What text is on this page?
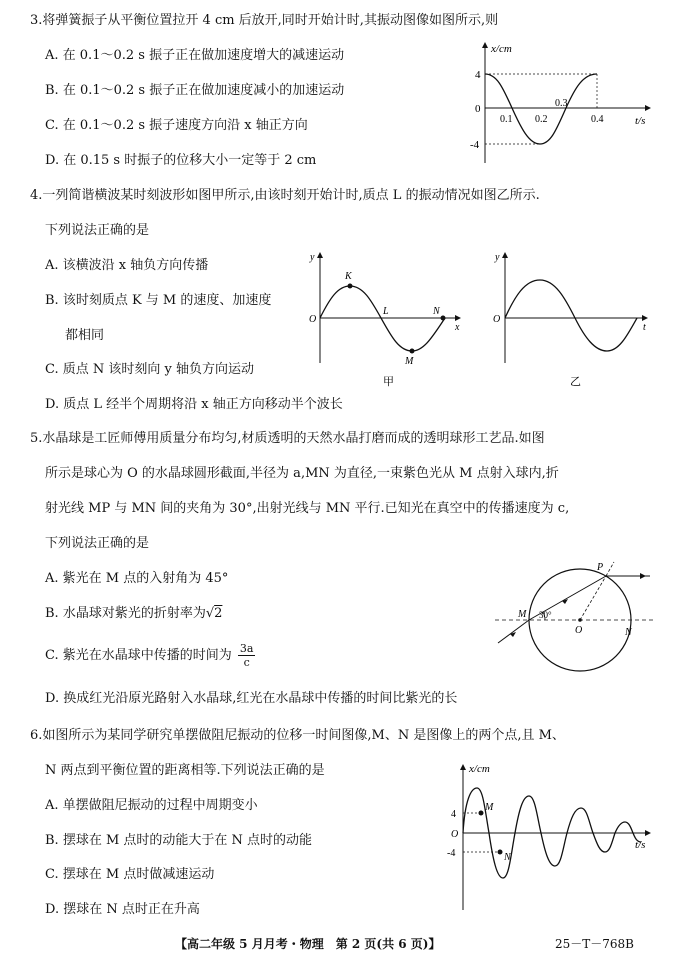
3.将弹簧振子从平衡位置拉开 4 cm 后放开,同时开始计时,其振动图像如图所示,则
A. 在 0.1～0.2 s 振子正在做加速度增大的减速运动
B. 在 0.1～0.2 s 振子正在做加速度减小的加速运动
C. 在 0.1～0.2 s 振子速度方向沿 x 轴正方向
D. 在 0.15 s 时振子的位移大小一定等于 2 cm
x/cm
t/s
4
-4
0
0.1 0.2
0.3
0.4
4.一列简谐横波某时刻波形如图甲所示,由该时刻开始计时,质点 L 的振动情况如图乙所示.
下列说法正确的是
A. 该横波沿 x 轴负方向传播
B. 该时刻质点 K 与 M 的速度、加速度
都相同
C. 质点 N 该时刻向 y 轴负方向运动
D. 质点 L 经半个周期将沿 x 轴正方向移动半个波长
y
x
O
K
L
M
N
甲
y
t
O
乙
5.水晶球是工匠师傅用质量分布均匀,材质透明的天然水晶打磨而成的透明球形工艺品.如图
所示是球心为 O 的水晶球圆形截面,半径为 a,MN 为直径,一束紫色光从 M 点射入球内,折
射光线 MP 与 MN 间的夹角为 30°,出射光线与 MN 平行.已知光在真空中的传播速度为 c,
下列说法正确的是
A. 紫光在 M 点的入射角为 45°
B. 水晶球对紫光的折射率为√2
C. 紫光在水晶球中传播的时间为 $\frac{3a}{c}$
D. 换成红光沿原光路射入水晶球,红光在水晶球中传播的时间比紫光的长
P
M
N
O
30°
6.如图所示为某同学研究单摆做阻尼振动的位移一时间图像,M、N 是图像上的两个点,且 M、
N 两点到平衡位置的距离相等.下列说法正确的是
A. 单摆做阻尼振动的过程中周期变小
B. 摆球在 M 点时的动能大于在 N 点时的动能
C. 摆球在 M 点时做减速运动
D. 摆球在 N 点时正在升高
x/cm
t/s
4
-4
O
M
N
【高二年级 5 月月考・物理　第 2 页(共 6 页)】	25－T－768B
